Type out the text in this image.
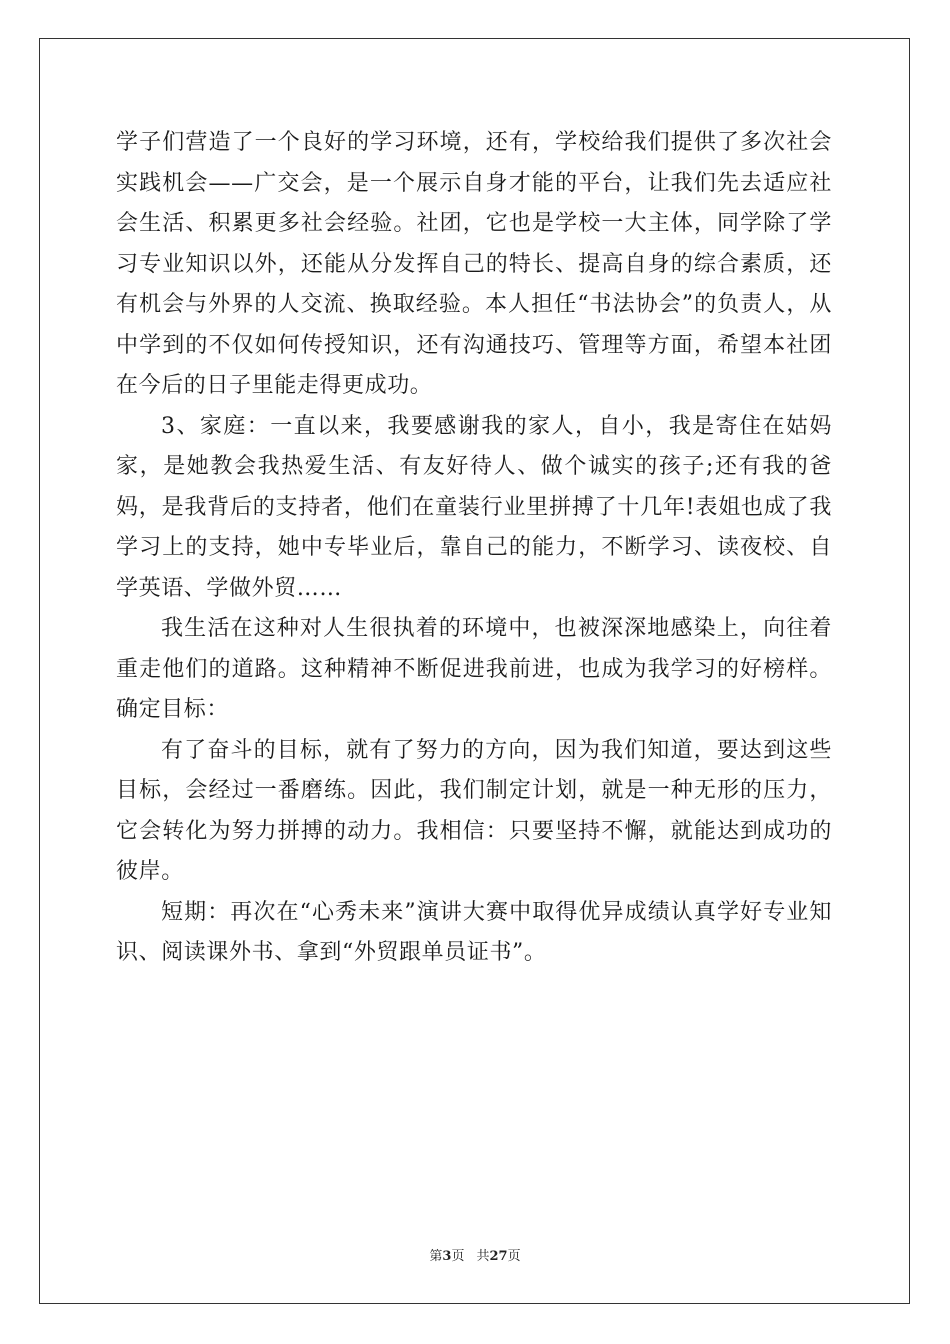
学子们营造了一个良好的学习环境，还有，学校给我们提供了多次社会实践机会——广交会，是一个展示自身才能的平台，让我们先去适应社会生活、积累更多社会经验。社团，它也是学校一大主体，同学除了学习专业知识以外，还能从分发挥自己的特长、提高自身的综合素质，还有机会与外界的人交流、换取经验。本人担任“书法协会”的负责人，从中学到的不仅如何传授知识，还有沟通技巧、管理等方面，希望本社团在今后的日子里能走得更成功。

3、家庭：一直以来，我要感谢我的家人，自小，我是寄住在姑妈家，是她教会我热爱生活、有友好待人、做个诚实的孩子;还有我的爸妈，是我背后的支持者，他们在童装行业里拼搏了十几年!表姐也成了我学习上的支持，她中专毕业后，靠自己的能力，不断学习、读夜校、自学英语、学做外贸……

我生活在这种对人生很执着的环境中，也被深深地感染上，向往着重走他们的道路。这种精神不断促进我前进，也成为我学习的好榜样。确定目标：

有了奋斗的目标，就有了努力的方向，因为我们知道，要达到这些目标，会经过一番磨练。因此，我们制定计划，就是一种无形的压力，它会转化为努力拼搏的动力。我相信：只要坚持不懈，就能达到成功的彼岸。

短期：再次在“心秀未来”演讲大赛中取得优异成绩认真学好专业知识、阅读课外书、拿到“外贸跟单员证书”。

第3页 共27页
